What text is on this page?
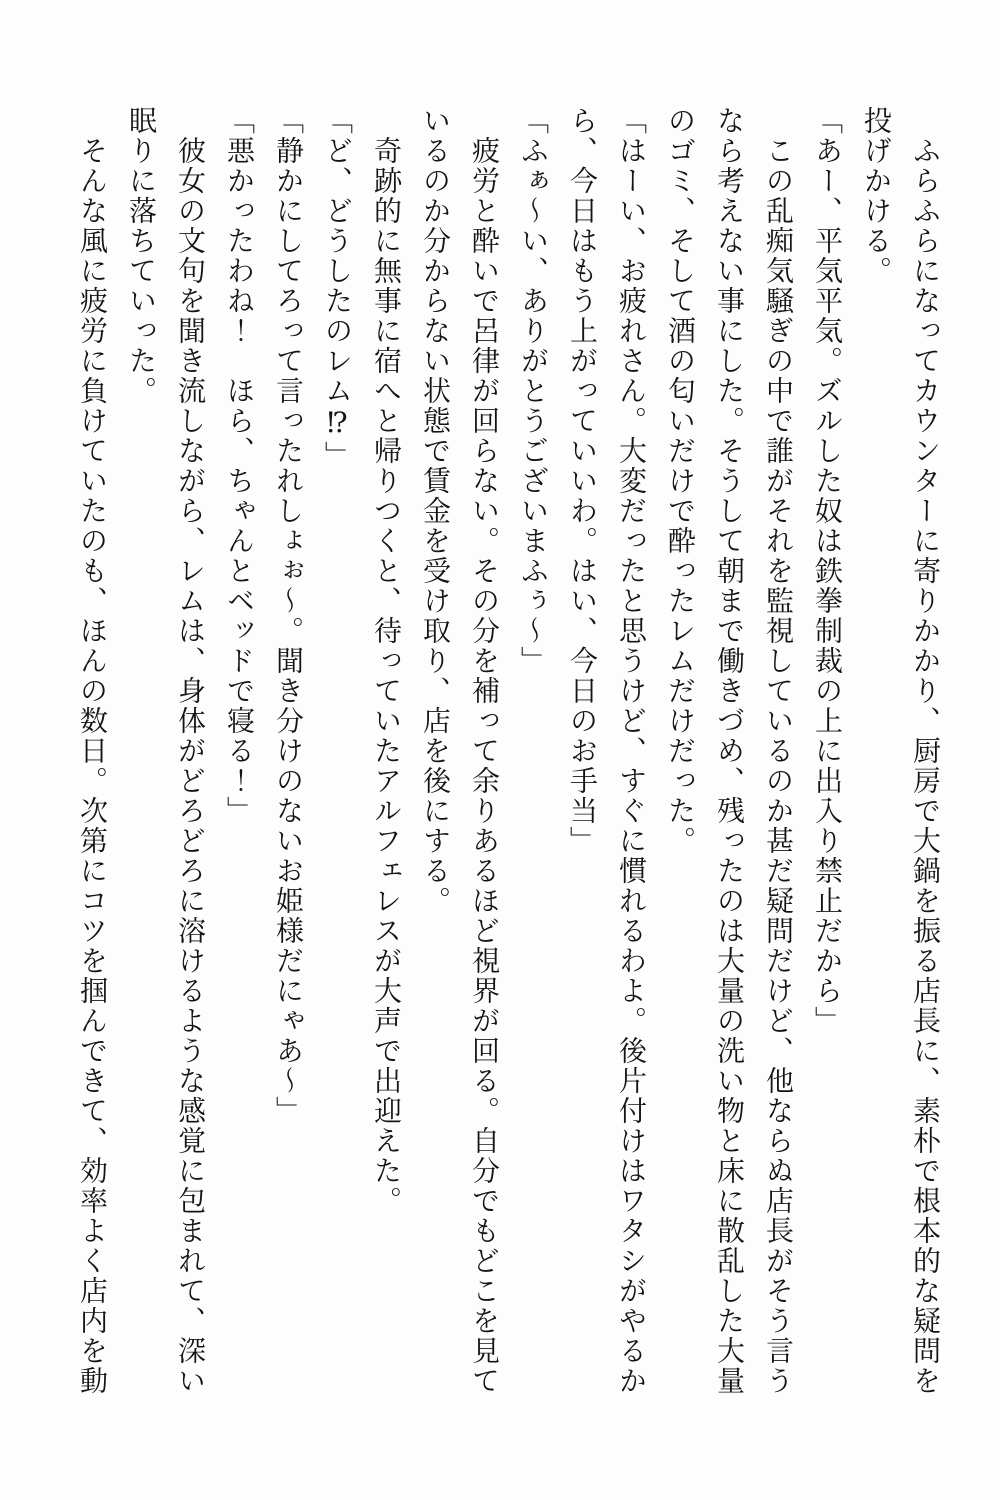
　ふらふらになってカウンターに寄りかかり、厨房で大鍋を振る店長に、素朴で根本的な疑問を投げかける。

「あー、平気平気。ズルした奴は鉄拳制裁の上に出入り禁止だから」

　この乱痴気騒ぎの中で誰がそれを監視しているのか甚だ疑問だけど、他ならぬ店長がそう言うなら考えない事にした。そうして朝まで働きづめ、残ったのは大量の洗い物と床に散乱した大量のゴミ、そして酒の匂いだけで酔ったレムだけだった。

「はーい、お疲れさん。大変だったと思うけど、すぐに慣れるわよ。後片付けはワタシがやるから、今日はもう上がっていいわ。はい、今日のお手当」

「ふぁ～い、ありがとうございまふぅ～」

　疲労と酔いで呂律が回らない。その分を補って余りあるほど視界が回る。自分でもどこを見ているのか分からない状態で賃金を受け取り、店を後にする。

　奇跡的に無事に宿へと帰りつくと、待っていたアルフェレスが大声で出迎えた。

「ど、どうしたのレム⁉」

「静かにしてろって言ったれしょぉ～。聞き分けのないお姫様だにゃあ～」

「悪かったわね！　ほら、ちゃんとベッドで寝る！」

　彼女の文句を聞き流しながら、レムは、身体がどろどろに溶けるような感覚に包まれて、深い眠りに落ちていった。

　そんな風に疲労に負けていたのも、ほんの数日。次第にコツを掴んできて、効率よく店内を動
